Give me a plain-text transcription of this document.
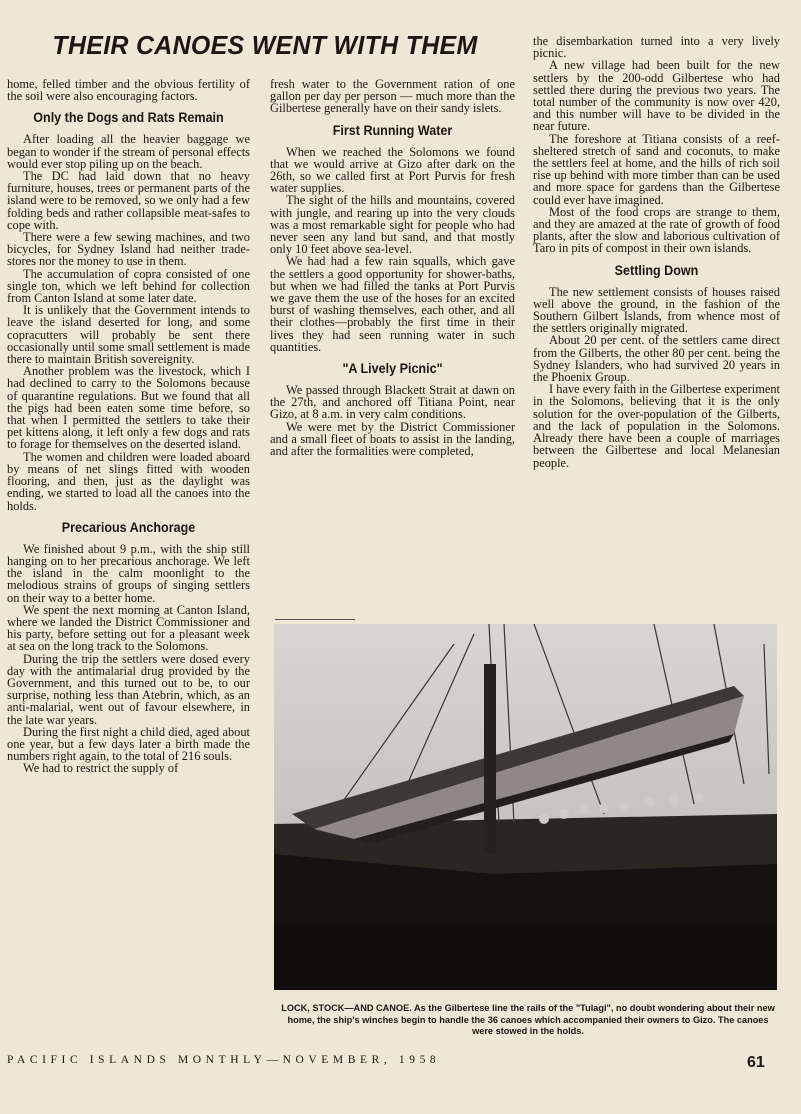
THEIR CANOES WENT WITH THEM

home, felled timber and the obvious fertility of the soil were also encouraging factors.

Only the Dogs and Rats Remain

After loading all the heavier baggage we began to wonder if the stream of personal effects would ever stop piling up on the beach.

The DC had laid down that no heavy furniture, houses, trees or permanent parts of the island were to be removed, so we only had a few folding beds and rather collapsible meat-safes to cope with.

There were a few sewing machines, and two bicycles, for Sydney Island had neither trade-stores nor the money to use in them.

The accumulation of copra consisted of one single ton, which we left behind for collection from Canton Island at some later date.

It is unlikely that the Government intends to leave the island deserted for long, and some copracutters will probably be sent there occasionally until some small settlement is made there to maintain British sovereignity.

Another problem was the livestock, which I had declined to carry to the Solomons because of quarantine regulations. But we found that all the pigs had been eaten some time before, so that when I permitted the settlers to take their pet kittens along, it left only a few dogs and rats to forage for themselves on the deserted island.

The women and children were loaded aboard by means of net slings fitted with wooden flooring, and then, just as the daylight was ending, we started to load all the canoes into the holds.

Precarious Anchorage

We finished about 9 p.m., with the ship still hanging on to her precarious anchorage. We left the island in the calm moonlight to the melodious strains of groups of singing settlers on their way to a better home.

We spent the next morning at Canton Island, where we landed the District Commissioner and his party, before setting out for a pleasant week at sea on the long track to the Solomons.

During the trip the settlers were dosed every day with the antimalarial drug provided by the Government, and this turned out to be, to our surprise, nothing less than Atebrin, which, as an anti-malarial, went out of favour elsewhere, in the late war years.

During the first night a child died, aged about one year, but a few days later a birth made the numbers right again, to the total of 216 souls.

We had to restrict the supply of

fresh water to the Government ration of one gallon per day per person — much more than the Gilbertese generally have on their sandy islets.

First Running Water

When we reached the Solomons we found that we would arrive at Gizo after dark on the 26th, so we called first at Port Purvis for fresh water supplies.

The sight of the hills and mountains, covered with jungle, and rearing up into the very clouds was a most remarkable sight for people who had never seen any land but sand, and that mostly only 10 feet above sea-level.

We had had a few rain squalls, which gave the settlers a good opportunity for shower-baths, but when we had filled the tanks at Port Purvis we gave them the use of the hoses for an excited burst of washing themselves, each other, and all their clothes—probably the first time in their lives they had seen running water in such quantities.

"A Lively Picnic"

We passed through Blackett Strait at dawn on the 27th, and anchored off Titiana Point, near Gizo, at 8 a.m. in very calm conditions.

We were met by the District Commissioner and a small fleet of boats to assist in the landing, and after the formalities were completed,

the disembarkation turned into a very lively picnic.

A new village had been built for the new settlers by the 200-odd Gilbertese who had settled there during the previous two years. The total number of the community is now over 420, and this number will have to be divided in the near future.

The foreshore at Titiana consists of a reef-sheltered stretch of sand and coconuts, to make the settlers feel at home, and the hills of rich soil rise up behind with more timber than can be used and more space for gardens than the Gilbertese could ever have imagined.

Most of the food crops are strange to them, and they are amazed at the rate of growth of food plants, after the slow and laborious cultivation of Taro in pits of compost in their own islands.

Settling Down

The new settlement consists of houses raised well above the ground, in the fashion of the Southern Gilbert Islands, from whence most of the settlers originally migrated.

About 20 per cent. of the settlers came direct from the Gilberts, the other 80 per cent. being the Sydney Islanders, who had survived 20 years in the Phoenix Group.

I have every faith in the Gilbertese experiment in the Solomons, believing that it is the only solution for the over-population of the Gilberts, and the lack of population in the Solomons. Already there have been a couple of marriages between the Gilbertese and local Melanesian people.

LOCK, STOCK—AND CANOE. As the Gilbertese line the rails of the "Tulagi", no doubt wondering about their new home, the ship's winches begin to handle the 36 canoes which accompanied their owners to Gizo. The canoes were stowed in the holds.
PACIFIC ISLANDS MONTHLY—NOVEMBER, 1958	61
